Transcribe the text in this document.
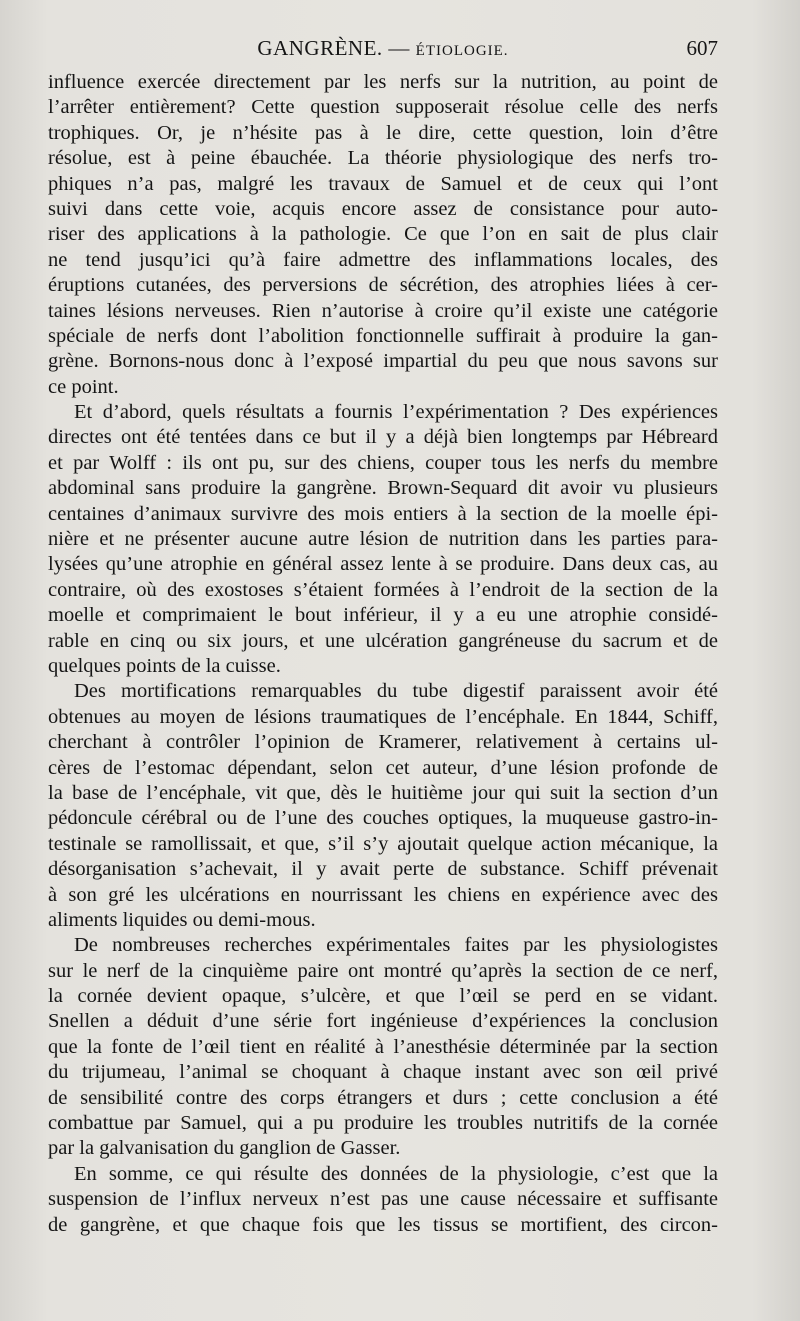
GANGRÈNE. — ÉTIOLOGIE.	607
influence exercée directement par les nerfs sur la nutrition, au point de
l’arrêter entièrement? Cette question supposerait résolue celle des nerfs
trophiques. Or, je n’hésite pas à le dire, cette question, loin d’être
résolue, est à peine ébauchée. La théorie physiologique des nerfs tro-
phiques n’a pas, malgré les travaux de Samuel et de ceux qui l’ont
suivi dans cette voie, acquis encore assez de consistance pour auto-
riser des applications à la pathologie. Ce que l’on en sait de plus clair
ne tend jusqu’ici qu’à faire admettre des inflammations locales, des
éruptions cutanées, des perversions de sécrétion, des atrophies liées à cer-
taines lésions nerveuses. Rien n’autorise à croire qu’il existe une catégorie
spéciale de nerfs dont l’abolition fonctionnelle suffirait à produire la gan-
grène. Bornons-nous donc à l’exposé impartial du peu que nous savons sur
ce point.
Et d’abord, quels résultats a fournis l’expérimentation ? Des expériences
directes ont été tentées dans ce but il y a déjà bien longtemps par Hébreard
et par Wolff : ils ont pu, sur des chiens, couper tous les nerfs du membre
abdominal sans produire la gangrène. Brown-Sequard dit avoir vu plusieurs
centaines d’animaux survivre des mois entiers à la section de la moelle épi-
nière et ne présenter aucune autre lésion de nutrition dans les parties para-
lysées qu’une atrophie en général assez lente à se produire. Dans deux cas, au
contraire, où des exostoses s’étaient formées à l’endroit de la section de la
moelle et comprimaient le bout inférieur, il y a eu une atrophie considé-
rable en cinq ou six jours, et une ulcération gangréneuse du sacrum et de
quelques points de la cuisse.
Des mortifications remarquables du tube digestif paraissent avoir été
obtenues au moyen de lésions traumatiques de l’encéphale. En 1844, Schiff,
cherchant à contrôler l’opinion de Kramerer, relativement à certains ul-
cères de l’estomac dépendant, selon cet auteur, d’une lésion profonde de
la base de l’encéphale, vit que, dès le huitième jour qui suit la section d’un
pédoncule cérébral ou de l’une des couches optiques, la muqueuse gastro-in-
testinale se ramollissait, et que, s’il s’y ajoutait quelque action mécanique, la
désorganisation s’achevait, il y avait perte de substance. Schiff prévenait
à son gré les ulcérations en nourrissant les chiens en expérience avec des
aliments liquides ou demi-mous.
De nombreuses recherches expérimentales faites par les physiologistes
sur le nerf de la cinquième paire ont montré qu’après la section de ce nerf,
la cornée devient opaque, s’ulcère, et que l’œil se perd en se vidant.
Snellen a déduit d’une série fort ingénieuse d’expériences la conclusion
que la fonte de l’œil tient en réalité à l’anesthésie déterminée par la section
du trijumeau, l’animal se choquant à chaque instant avec son œil privé
de sensibilité contre des corps étrangers et durs ; cette conclusion a été
combattue par Samuel, qui a pu produire les troubles nutritifs de la cornée
par la galvanisation du ganglion de Gasser.
En somme, ce qui résulte des données de la physiologie, c’est que la
suspension de l’influx nerveux n’est pas une cause nécessaire et suffisante
de gangrène, et que chaque fois que les tissus se mortifient, des circon-
